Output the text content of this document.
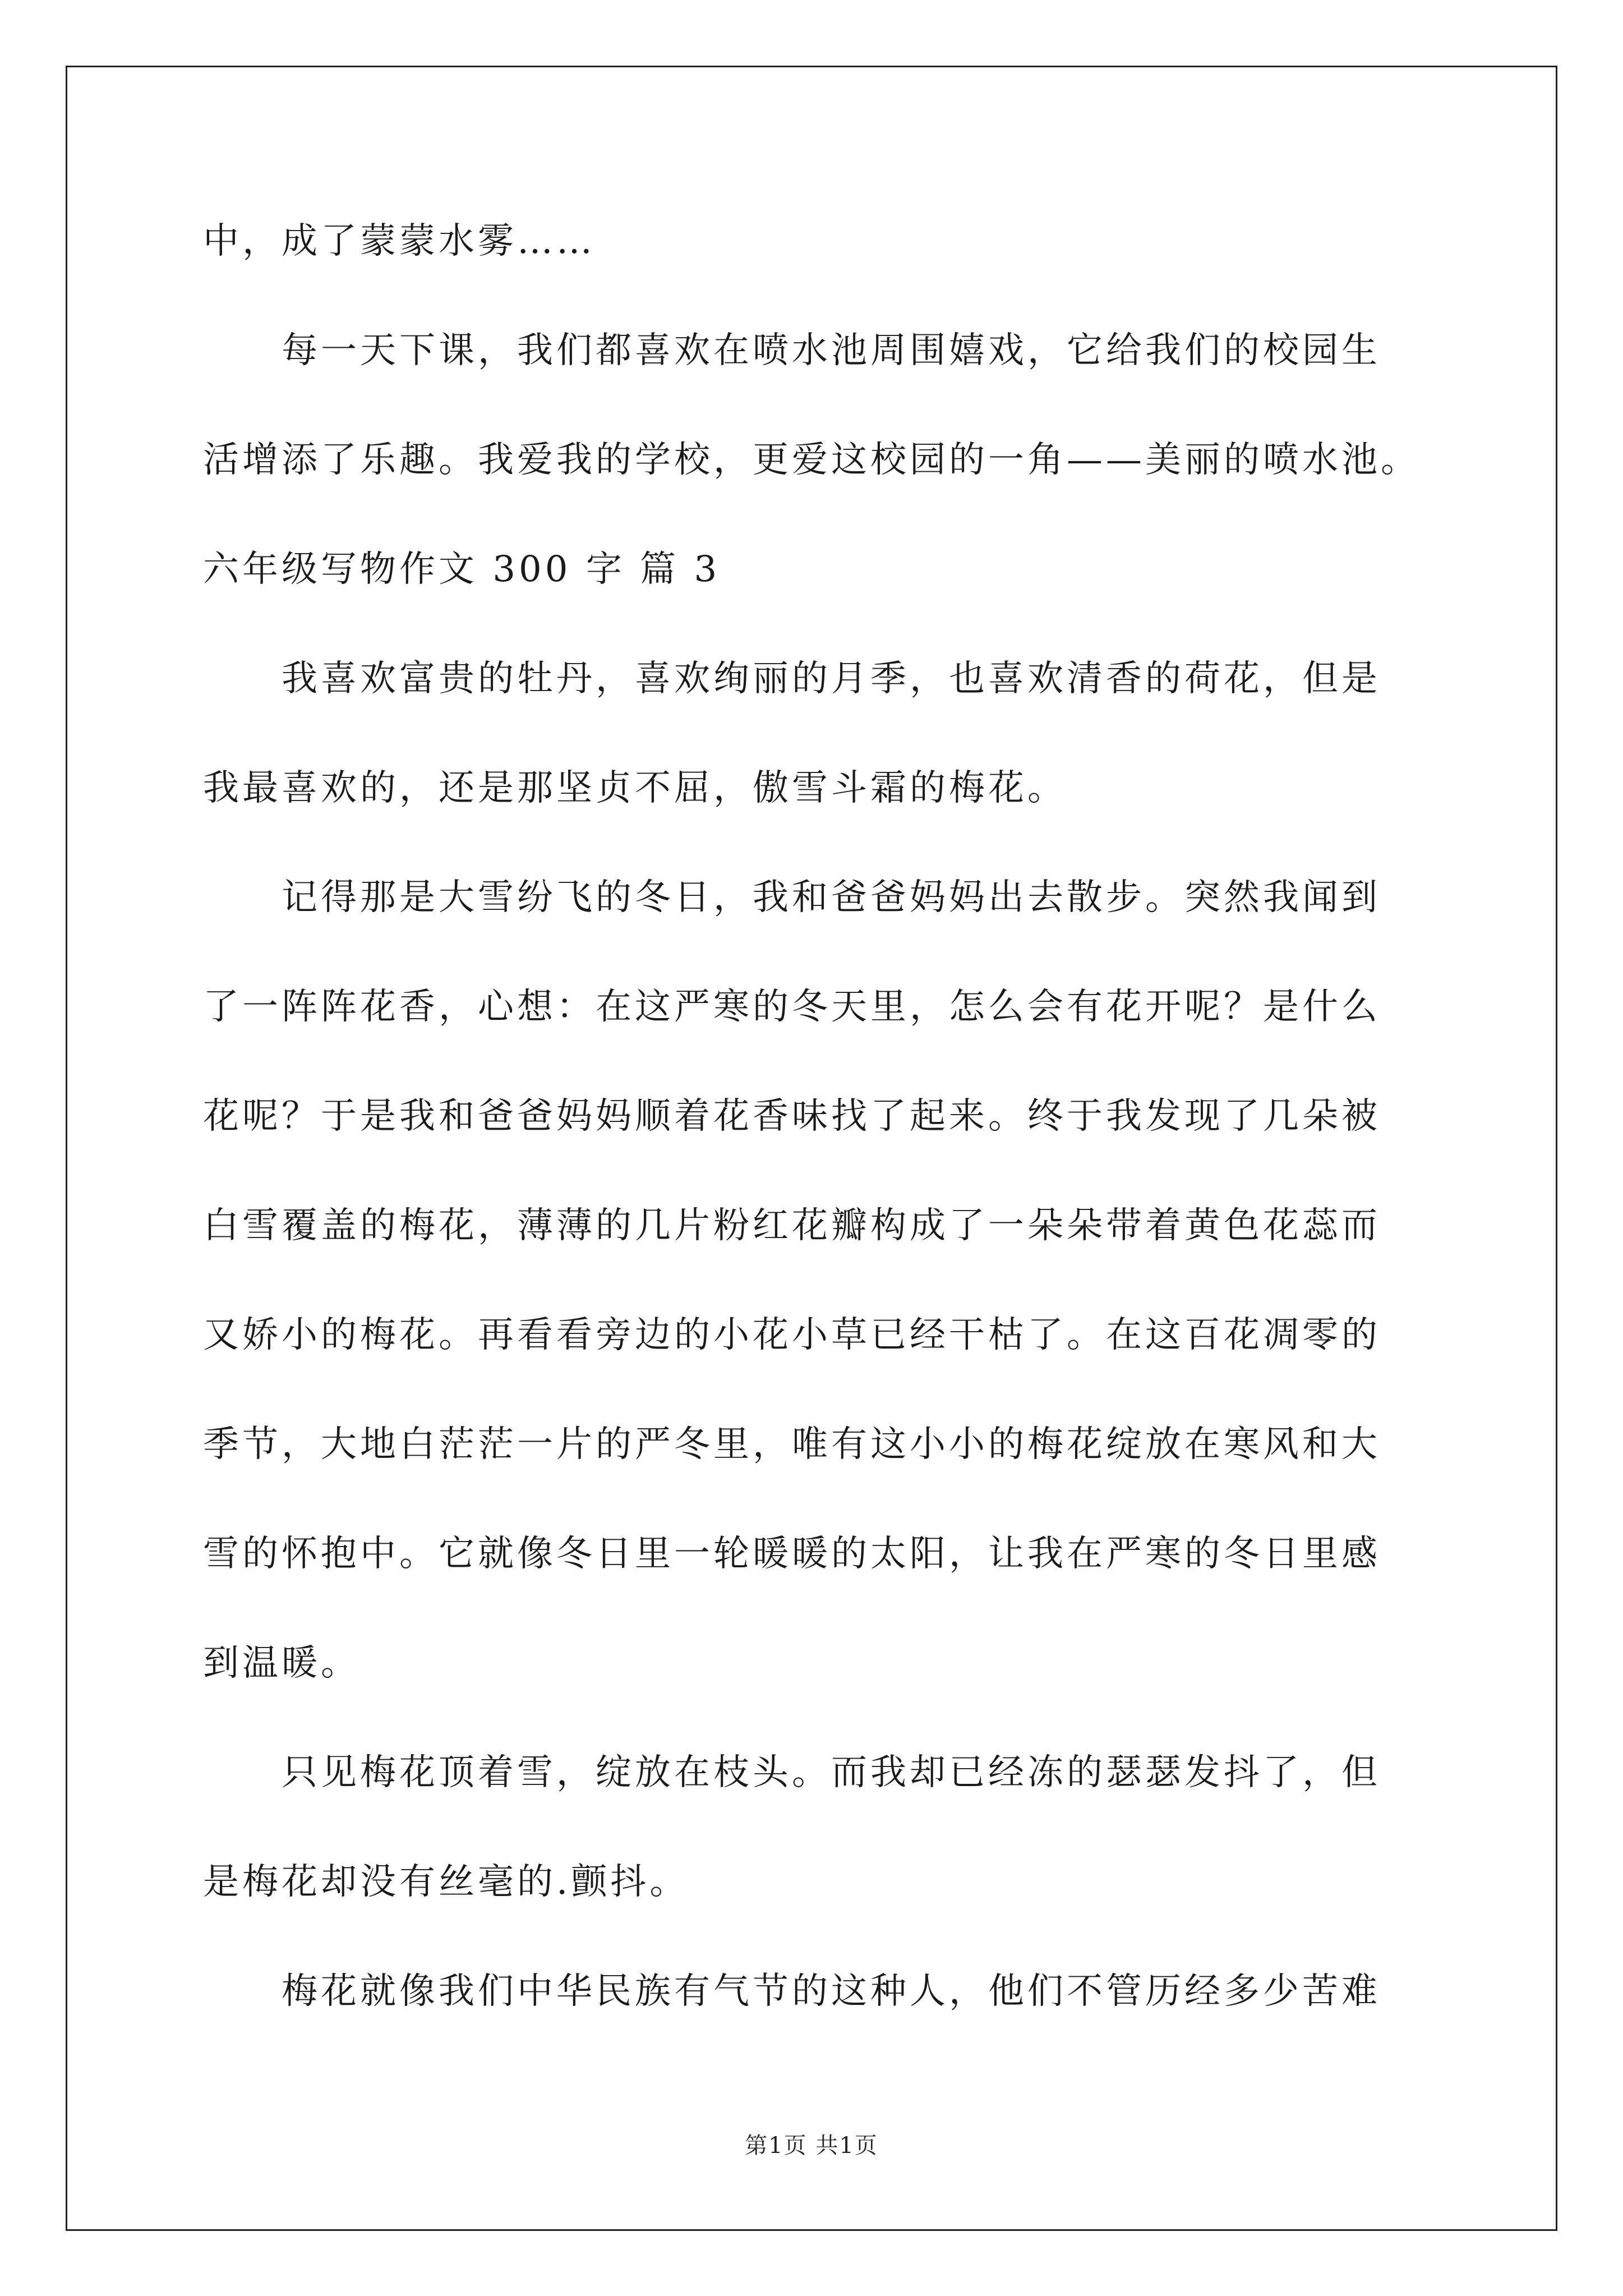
中，成了蒙蒙水雾……
每一天下课，我们都喜欢在喷水池周围嬉戏，它给我们的校园生
活增添了乐趣。我爱我的学校，更爱这校园的一角——美丽的喷水池。
六年级写物作文 300 字 篇 3
我喜欢富贵的牡丹，喜欢绚丽的月季，也喜欢清香的荷花，但是
我最喜欢的，还是那坚贞不屈，傲雪斗霜的梅花。
记得那是大雪纷飞的冬日，我和爸爸妈妈出去散步。突然我闻到
了一阵阵花香，心想：在这严寒的冬天里，怎么会有花开呢？是什么
花呢？于是我和爸爸妈妈顺着花香味找了起来。终于我发现了几朵被
白雪覆盖的梅花，薄薄的几片粉红花瓣构成了一朵朵带着黄色花蕊而
又娇小的梅花。再看看旁边的小花小草已经干枯了。在这百花凋零的
季节，大地白茫茫一片的严冬里，唯有这小小的梅花绽放在寒风和大
雪的怀抱中。它就像冬日里一轮暖暖的太阳，让我在严寒的冬日里感
到温暖。
只见梅花顶着雪，绽放在枝头。而我却已经冻的瑟瑟发抖了，但
是梅花却没有丝毫的.颤抖。
梅花就像我们中华民族有气节的这种人，他们不管历经多少苦难
第1页 共1页
